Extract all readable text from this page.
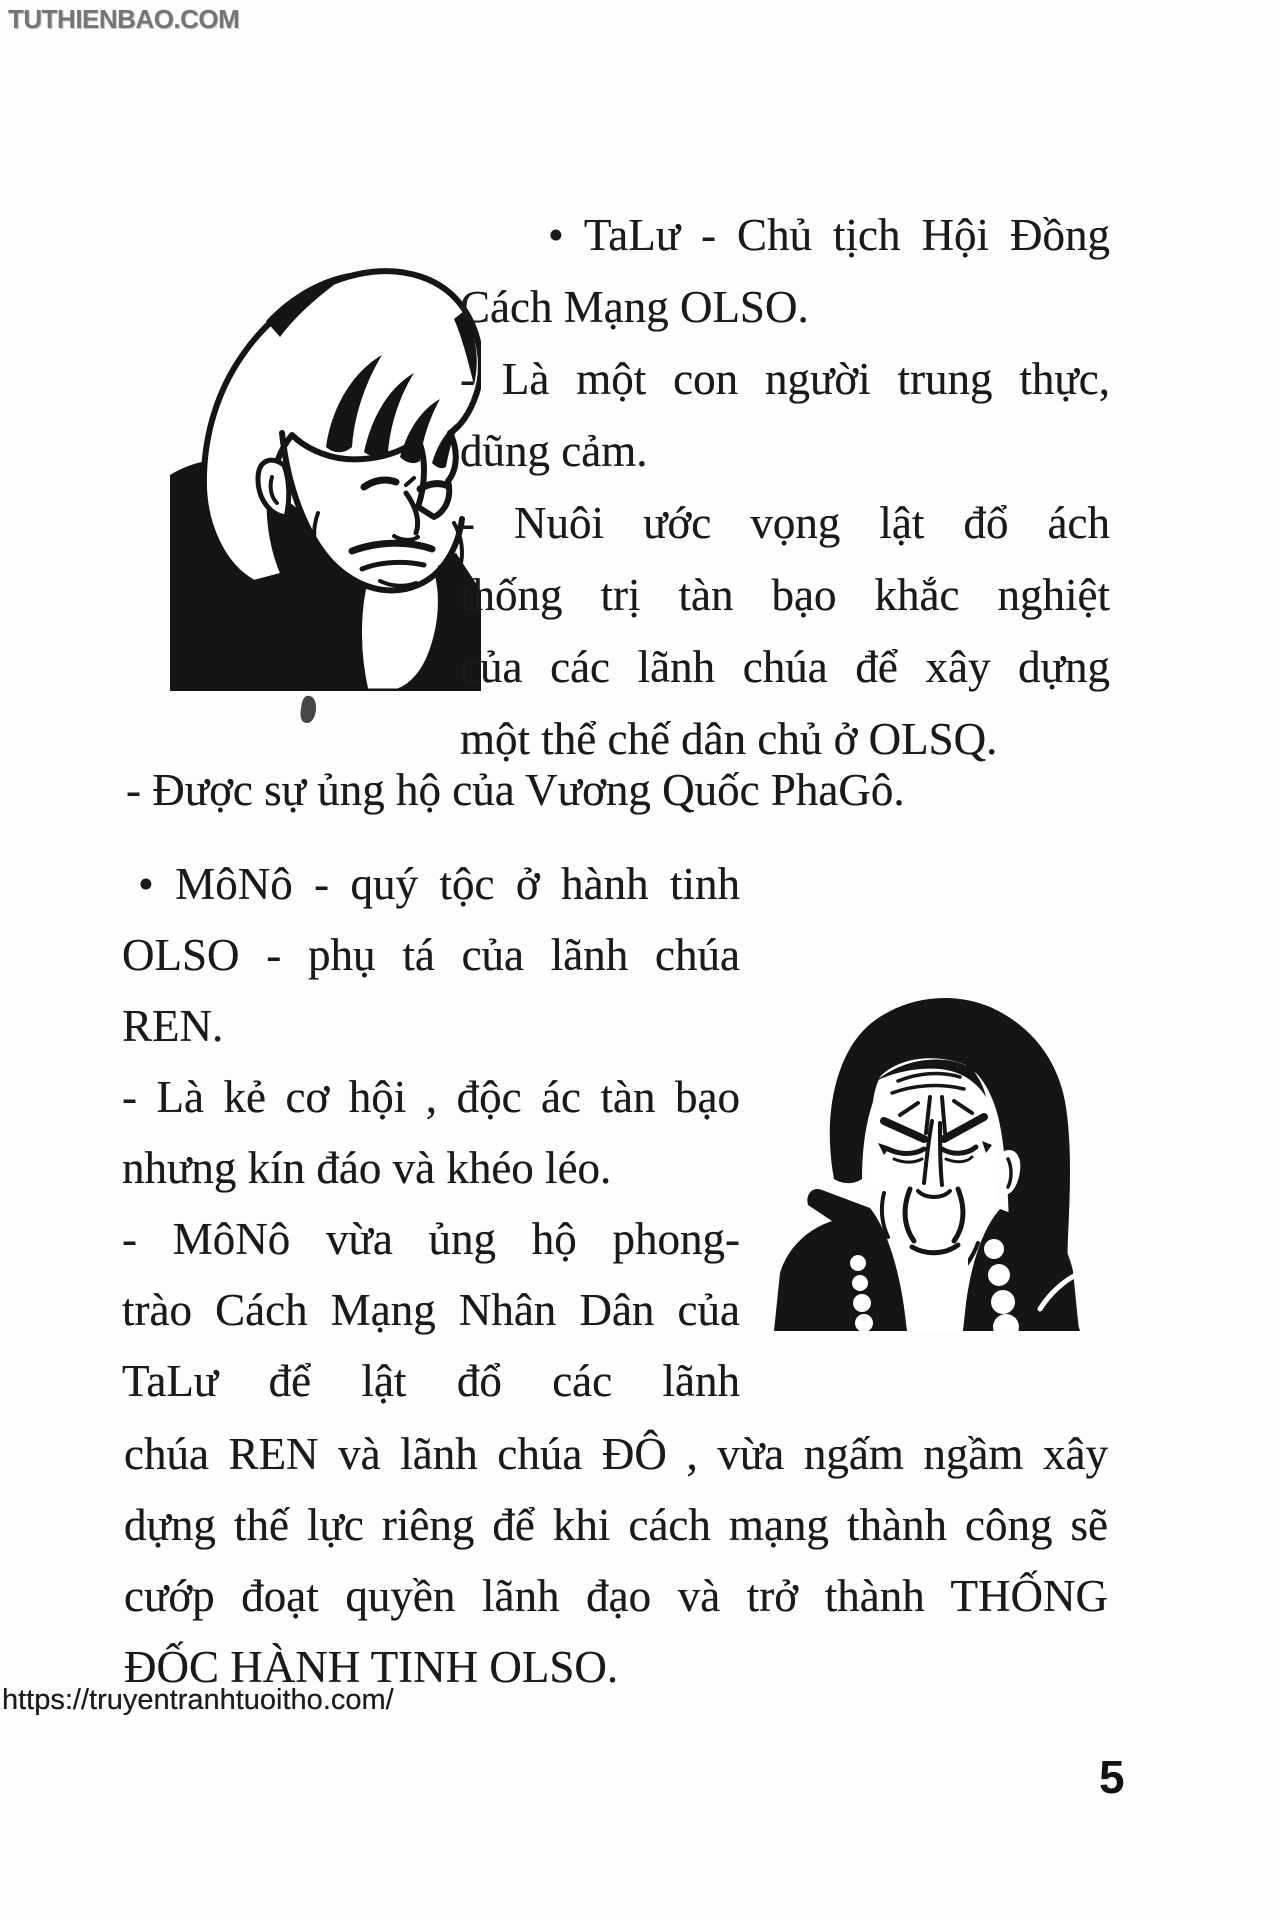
TUTHIENBAO.COM
• TaLư - Chủ tịch Hội Đồng
Cách Mạng OLSO.
- Là một con người trung thực,
dũng cảm.
- Nuôi ước vọng lật đổ ách
thống trị tàn bạo khắc nghiệt
của các lãnh chúa để xây dựng
một thể chế dân chủ ở OLSQ.
- Được sự ủng hộ của Vương Quốc PhaGô.
• MôNô - quý tộc ở hành tinh
OLSO - phụ tá của lãnh chúa
REN.
- Là kẻ cơ hội , độc ác tàn bạo
nhưng kín đáo và khéo léo.
- MôNô vừa ủng hộ phong-
trào Cách Mạng Nhân Dân của
TaLư để lật đổ các lãnh
chúa REN và lãnh chúa ĐÔ , vừa ngấm ngầm xây
dựng thế lực riêng để khi cách mạng thành công sẽ
cướp đoạt quyền lãnh đạo và trở thành THỐNG
ĐỐC HÀNH TINH OLSO.
https://truyentranhtuoitho.com/
5
